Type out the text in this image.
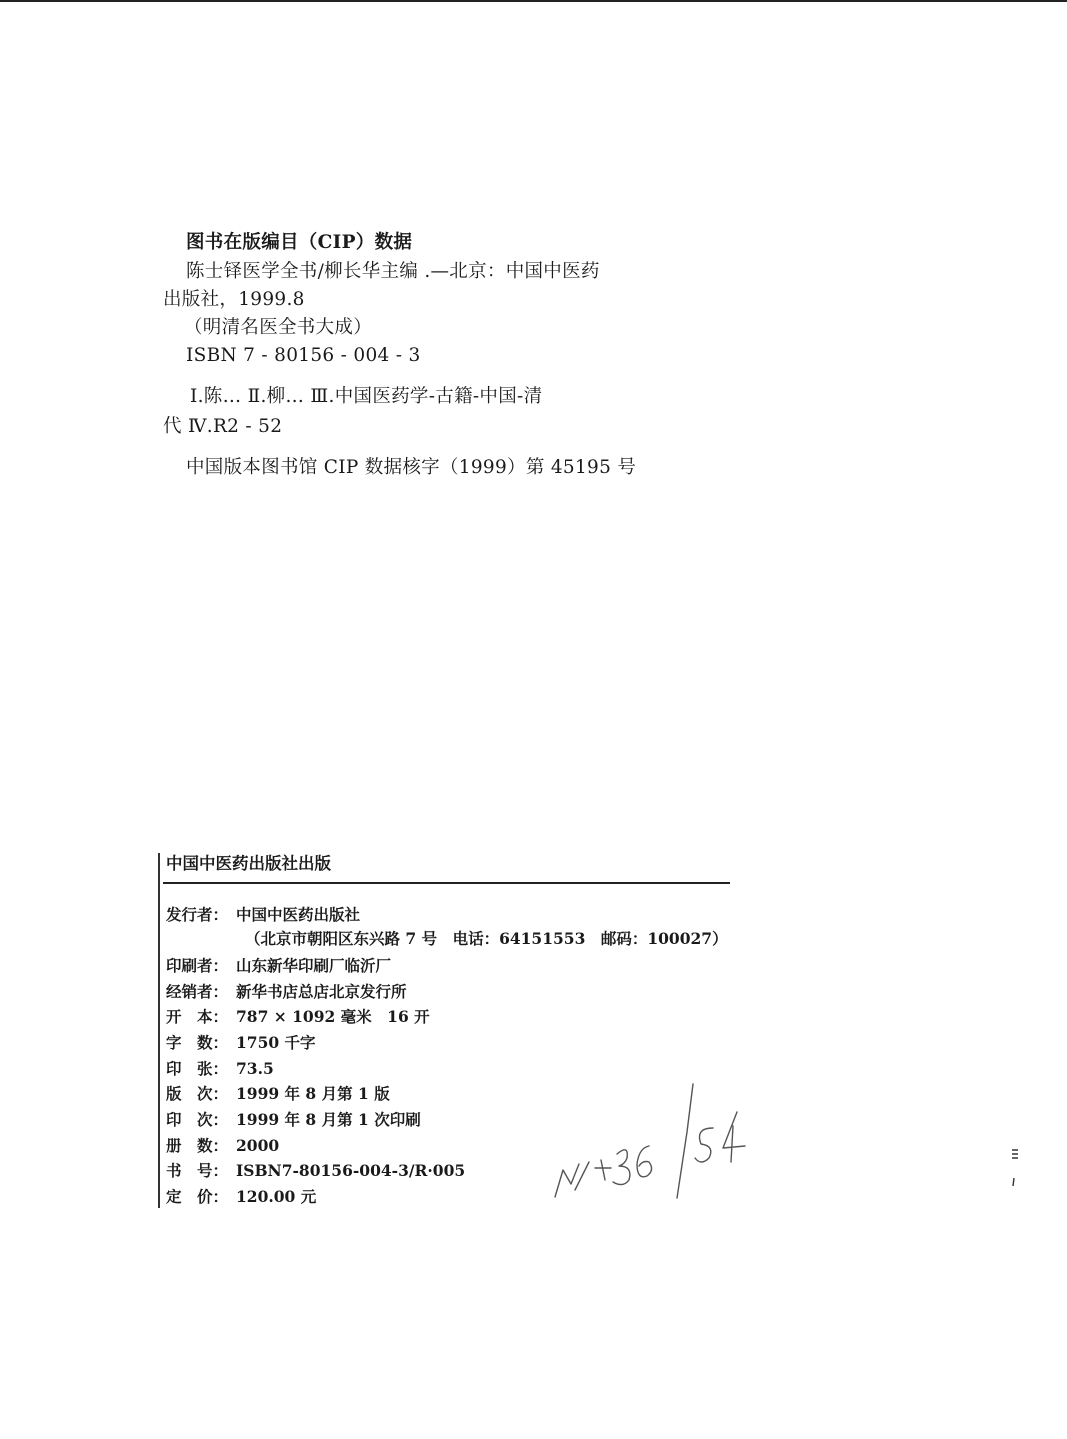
图书在版编目（CIP）数据
陈士铎医学全书/柳长华主编 .—北京：中国中医药
出版社，1999.8
（明清名医全书大成）
ISBN 7 - 80156 - 004 - 3
Ⅰ.陈… Ⅱ.柳… Ⅲ.中国医药学-古籍-中国-清
代 Ⅳ.R2 - 52
中国版本图书馆 CIP 数据核字（1999）第 45195 号
中国中医药出版社出版
发行者： 中国中医药出版社
（北京市朝阳区东兴路 7 号　电话：64151553　邮码：100027）
印刷者： 山东新华印刷厂临沂厂
经销者： 新华书店总店北京发行所
开　本： 787 × 1092 毫米　16 开
字　数： 1750 千字
印　张： 73.5
版　次： 1999 年 8 月第 1 版
印　次： 1999 年 8 月第 1 次印刷
册　数： 2000
书　号： ISBN7-80156-004-3/R·005
定　价： 120.00 元
